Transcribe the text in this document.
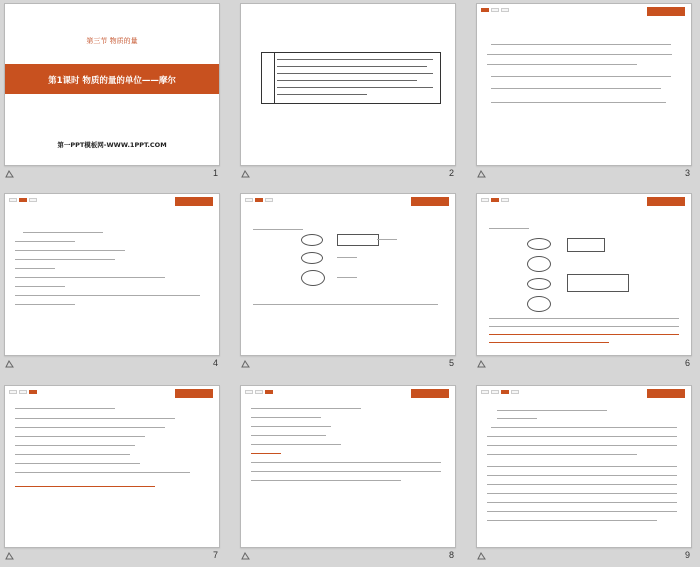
第三节 物质的量
第1课时 物质的量的单位——摩尔
第一PPT模板网-WWW.1PPT.COM
1	2	3
4	5	6
7	8	9
